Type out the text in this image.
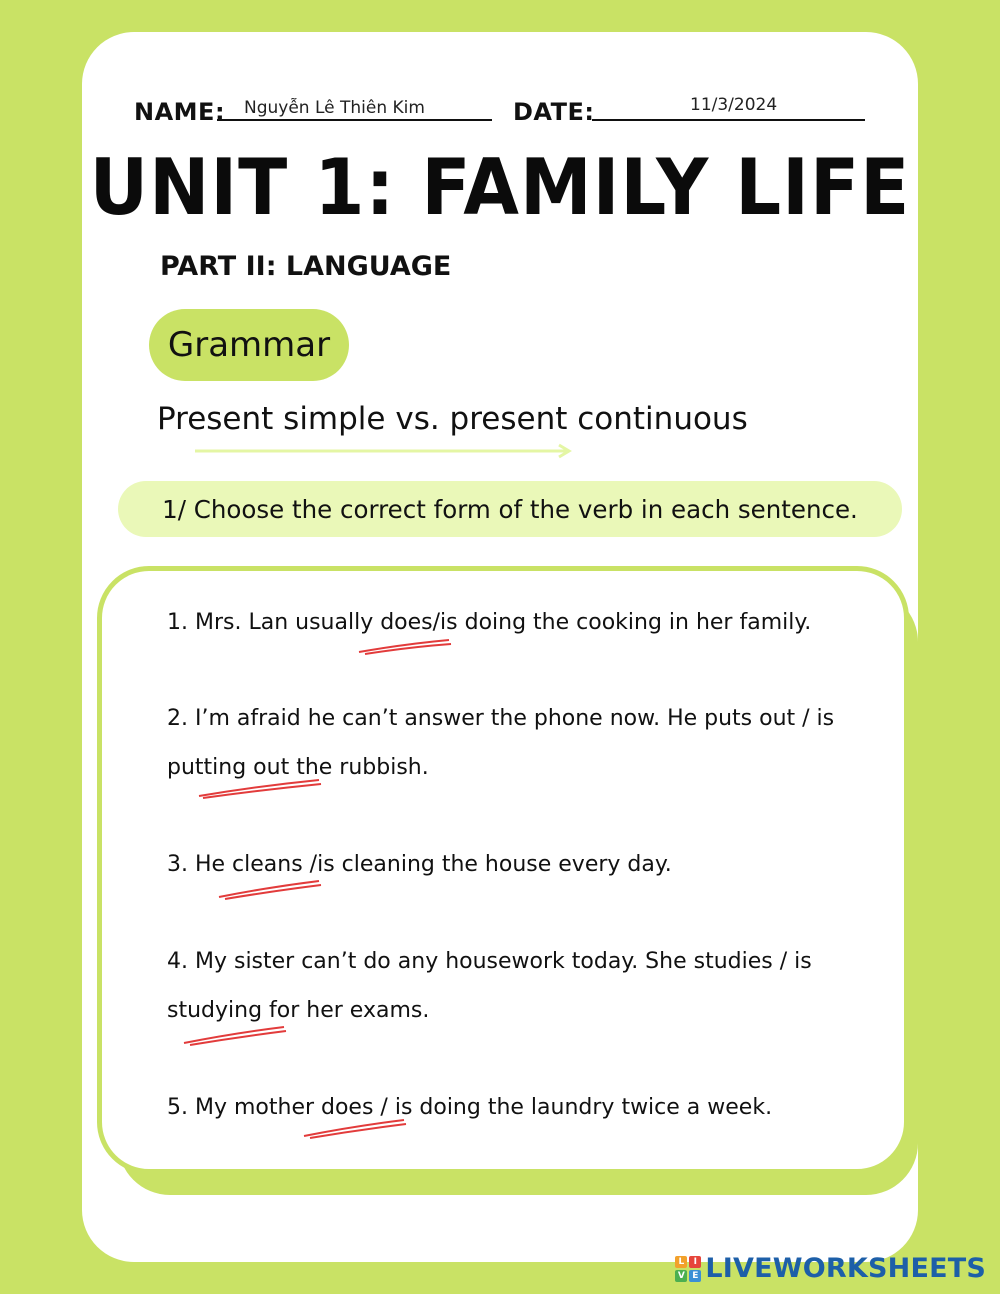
NAME: Nguyễn Lê Thiên Kim	DATE:	11/3/2024
UNIT 1: FAMILY LIFE
PART II: LANGUAGE
Grammar
Present simple vs. present continuous
1/ Choose the correct form of the verb in each sentence.
1. Mrs. Lan usually does/is doing the cooking in her family.
2. I’m afraid he can’t answer the phone now. He puts out / is putting out the rubbish.
3. He cleans /is cleaning the house every day.
4. My sister can’t do any housework today. She studies / is studying for her exams.
5. My mother does / is doing the laundry twice a week.
L	I
V E LIVEWORKSHEETS
